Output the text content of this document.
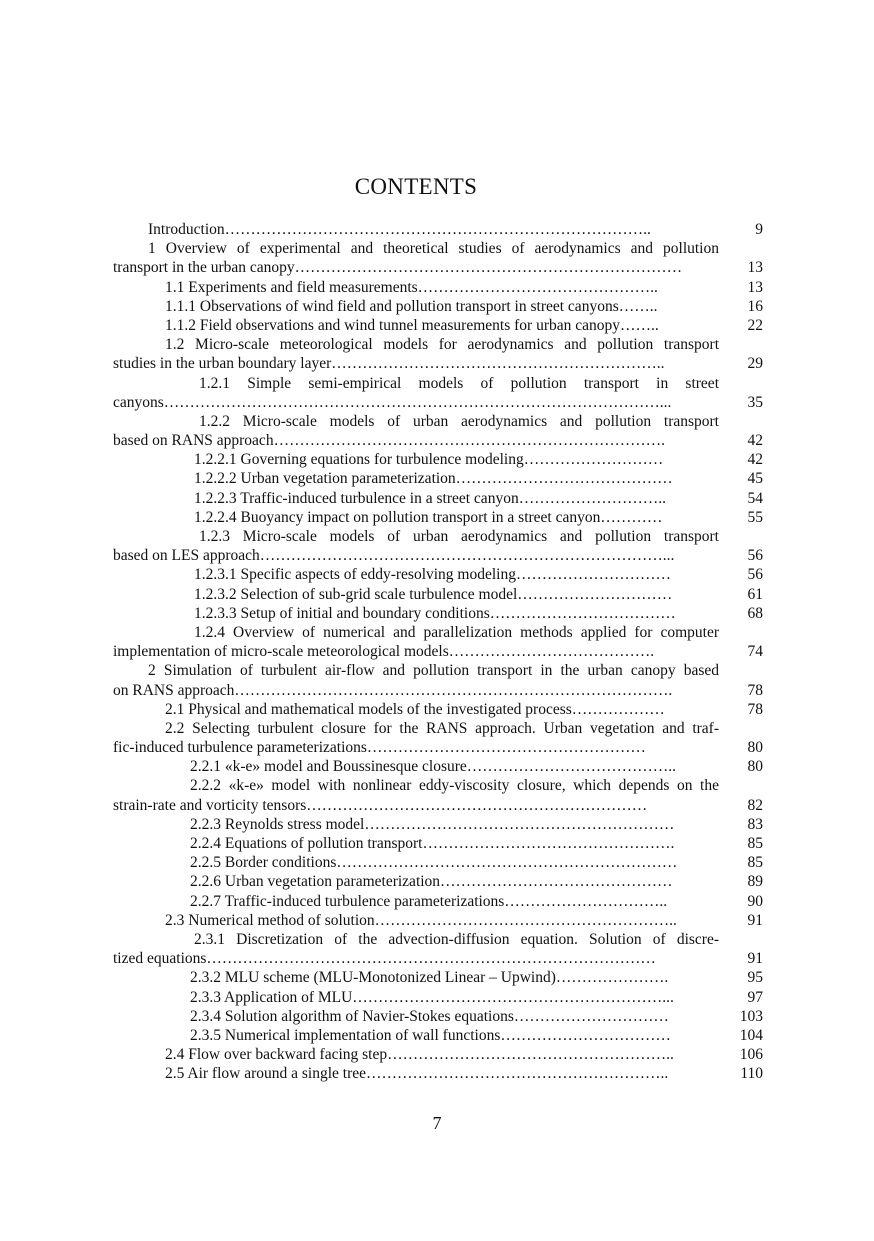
CONTENTS
Introduction………………………………………………………………………..	9
1 Overview of experimental and theoretical studies of aerodynamics and pollution
transport in the urban canopy…………………………………………………………………	13
1.1 Experiments and field measurements………………………………………..	13
1.1.1 Observations of wind field and pollution transport in street canyons……..	16
1.1.2 Field observations and wind tunnel measurements for urban canopy……..	22
1.2 Micro-scale meteorological models for aerodynamics and pollution transport
studies in the urban boundary layer………………………………………………………..	29
1.2.1 Simple semi-empirical models of pollution transport in street
canyons……………………………………………………………………………………...	35
1.2.2 Micro-scale models of urban aerodynamics and pollution transport
based on RANS approach………………………………………………………………….	42
1.2.2.1 Governing equations for turbulence modeling………………………	42
1.2.2.2 Urban vegetation parameterization……………………………………	45
1.2.2.3 Traffic-induced turbulence in a street canyon………………………..	54
1.2.2.4 Buoyancy impact on pollution transport in a street canyon…………	55
1.2.3 Micro-scale models of urban aerodynamics and pollution transport
based on LES approach……………………………………………………………………...	56
1.2.3.1 Specific aspects of eddy-resolving modeling…………………………	56
1.2.3.2 Selection of sub-grid scale turbulence model…………………………	61
1.2.3.3 Setup of initial and boundary conditions………………………………	68
1.2.4 Overview of numerical and parallelization methods applied for computer
implementation of micro-scale meteorological models………………………………….	74
2 Simulation of turbulent air-flow and pollution transport in the urban canopy based
on RANS approach………………………………………………………………………….	78
2.1 Physical and mathematical models of the investigated process………………	78
2.2 Selecting turbulent closure for the RANS approach. Urban vegetation and traf-
fic-induced turbulence parameterizations………………………………………………	80
2.2.1 «k-e» model and Boussinesque closure…………………………………..	80
2.2.2 «k-e» model with nonlinear eddy-viscosity closure, which depends on the
strain-rate and vorticity tensors…………………………………………………………	82
2.2.3 Reynolds stress model……………………………………………………	83
2.2.4 Equations of pollution transport………………………………………….	85
2.2.5 Border conditions…………………………………………………………	85
2.2.6 Urban vegetation parameterization………………………………………	89
2.2.7 Traffic-induced turbulence parameterizations…………………………..	90
2.3 Numerical method of solution…………………………………………………..	91
2.3.1 Discretization of the advection-diffusion equation. Solution of discre-
tized equations……………………………………………………………………………	91
2.3.2 MLU scheme (MLU-Monotonized Linear – Upwind)………………….	95
2.3.3 Application of MLU……………………………………………………...	97
2.3.4 Solution algorithm of Navier-Stokes equations…………………………	103
2.3.5 Numerical implementation of wall functions……………………………	104
2.4 Flow over backward facing step………………………………………………..	106
2.5 Air flow around a single tree…………………………………………………..	110
7
